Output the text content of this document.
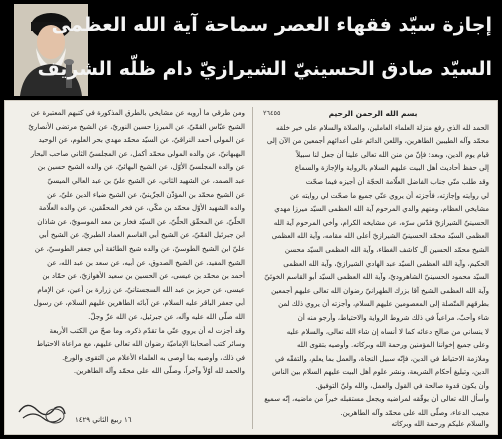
إجازة سيّد فقهاء العصر سماحة آية الله العظمى
السيّد صادق الحسينيّ الشيرازيّ دام ظلّه الشريف
٢٦٤٥٥	بسم الله الرحمن الرحيم
الحمد لله الذي رفع منزلة العلماء العاملين، والصلاة والسلام على خير خلقه
محمّد وآله الطيبين الطاهرين، واللعن الدائم على أعدائهم أجمعين من الآن إلى
قيام يوم الدين، وبعد: فإنّ من منن الله تعالى علينا أن جعل لنا سبيلاً
إلى حفظ أحاديث أهل البيت عليهم السلام بالرواية والإجازة والسماع
وقد طلب منّي جناب الفاضل العلّامة الحجّة أن أجيزه فيما صحّت
لي روايته وإجازته، فأجزته أن يروي عنّي جميع ما صحّت لي روايته عن
مشايخي العظام، ومنهم والدي المرحوم آية الله العظمى السيّد ميرزا مهدي
الحسينيّ الشيرازيّ قدّس سرّه، عن مشايخه الكرام، وأخي المرحوم آية الله
العظمى السيّد محمّد الحسينيّ الشيرازيّ أعلى الله مقامه، وآية الله العظمى
الشيخ محمّد الحسين آل كاشف الغطاء، وآية الله العظمى السيّد محسن
الحكيم، وآية الله العظمى السيّد عبد الهادي الشيرازيّ، وآية الله العظمى
السيّد محمود الحسينيّ الشاهروديّ، وآية الله العظمى السيّد أبو القاسم الخوئيّ
وآية الله العظمى الشيخ آقا بزرك الطهرانيّ رضوان الله تعالى عليهم أجمعين
بطرقهم المتّصلة إلى المعصومين عليهم السلام، وأجزته أن يروي ذلك لمن
شاء وأحبّ، مراعياً في ذلك شروط الرواية والاحتياط، وأرجو منه أن
لا ينساني من صالح دعائه كما لا أنساه إن شاء الله تعالى، والسلام عليه
وعلى جميع إخواننا المؤمنين ورحمة الله وبركاته. وأوصيه بتقوى الله
وملازمة الاحتياط في الدين، فإنّه سبيل النجاة، والعمل بما يعلم، والتفقّه في
الدين، وتبليغ أحكام الشريعة، ونشر علوم أهل البيت عليهم السلام بين الناس
وأن يكون قدوة صالحة في القول والعمل، والله وليّ التوفيق.
وأسأل الله تعالى أن يوفّقه لمراضيه ويجعل مستقبله خيراً من ماضيه، إنّه سميع
مجيب الدعاء، وصلّى الله على محمّد وآله الطاهرين.
ومن طرقي ما أرويه عن مشايخي بالطرق المذكورة في كتبهم المعتبرة عن
الشيخ عبّاس القمّيّ، عن الميرزا حسين النوريّ، عن الشيخ مرتضى الأنصاريّ
عن المولى أحمد النراقيّ، عن السيّد محمّد مهدي بحر العلوم، عن الوحيد
البهبهانيّ، عن والده المولى محمّد أكمل، عن المجلسيّ الثاني صاحب البحار
عن والده المجلسيّ الأوّل، عن الشيخ البهائيّ، عن والده الشيخ حسين بن
عبد الصمد، عن الشهيد الثاني، عن الشيخ عليّ بن عبد العالي الميسيّ
عن الشيخ محمّد بن المؤذّن الجزّينيّ، عن الشيخ ضياء الدين عليّ، عن
والده الشهيد الأوّل محمّد بن مكّي، عن فخر المحقّقين، عن والده العلّامة
الحلّيّ، عن المحقّق الحلّيّ، عن السيّد فخار بن معد الموسويّ، عن شاذان
ابن جبرئيل القمّيّ، عن الشيخ أبي القاسم العماد الطبريّ، عن الشيخ أبي
عليّ ابن الشيخ الطوسيّ، عن والده شيخ الطائفة أبي جعفر الطوسيّ، عن
الشيخ المفيد، عن الشيخ الصدوق، عن أبيه، عن سعد بن عبد الله، عن
أحمد بن محمّد بن عيسى، عن الحسين بن سعيد الأهوازيّ، عن حمّاد بن
عيسى، عن حريز بن عبد الله السجستانيّ، عن زرارة بن أعين، عن الإمام
أبي جعفر الباقر عليه السلام، عن آبائه الطاهرين عليهم السلام، عن رسول
الله صلّى الله عليه وآله، عن جبرئيل، عن الله عزّ وجلّ.
وقد أجزت له أن يروي عنّي ما تقدّم ذكره، وما صحّ من الكتب الأربعة
وسائر كتب أصحابنا الإماميّة رضوان الله تعالى عليهم، مع مراعاة الاحتياط
في ذلك، وأوصيه بما أوصى به العلماء الأعلام من التقوى والورع.
والحمد لله أوّلاً وآخراً، وصلّى الله على محمّد وآله الطاهرين.
١٦ ربيع الثاني ١٤٢٩	والسلام عليكم ورحمة الله وبركاته
